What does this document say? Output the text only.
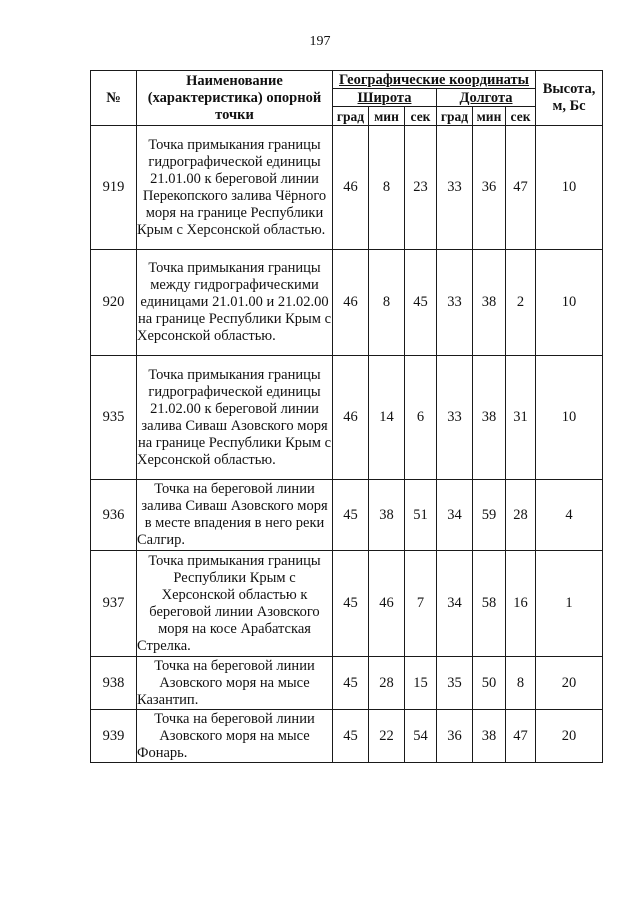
197
№	Наименование (характеристика) опорной точки	Географические координаты						Высота, м, Бс
		Широта			Долгота			
		град	мин	сек	град	мин	сек	
919	Точка примыкания границы гидрографической единицы 21.01.00 к береговой линии Перекопского залива Чёрного моря на границе Республики Крым с Херсонской областью.	46	8	23	33	36	47	10
920	Точка примыкания границы между гидрографическими единицами 21.01.00 и 21.02.00 на границе Республики Крым с Херсонской областью.	46	8	45	33	38	2	10
935	Точка примыкания границы гидрографической единицы 21.02.00 к береговой линии залива Сиваш Азовского моря на границе Республики Крым с Херсонской областью.	46	14	6	33	38	31	10
936	Точка на береговой линии залива Сиваш Азовского моря в месте впадения в него реки Салгир.	45	38	51	34	59	28	4
937	Точка примыкания границы Республики Крым с Херсонской областью к береговой линии Азовского моря на косе Арабатская Стрелка.	45	46	7	34	58	16	1
938	Точка на береговой линии Азовского моря на мысе Казантип.	45	28	15	35	50	8	20
939	Точка на береговой линии Азовского моря на мысе Фонарь.	45	22	54	36	38	47	20
